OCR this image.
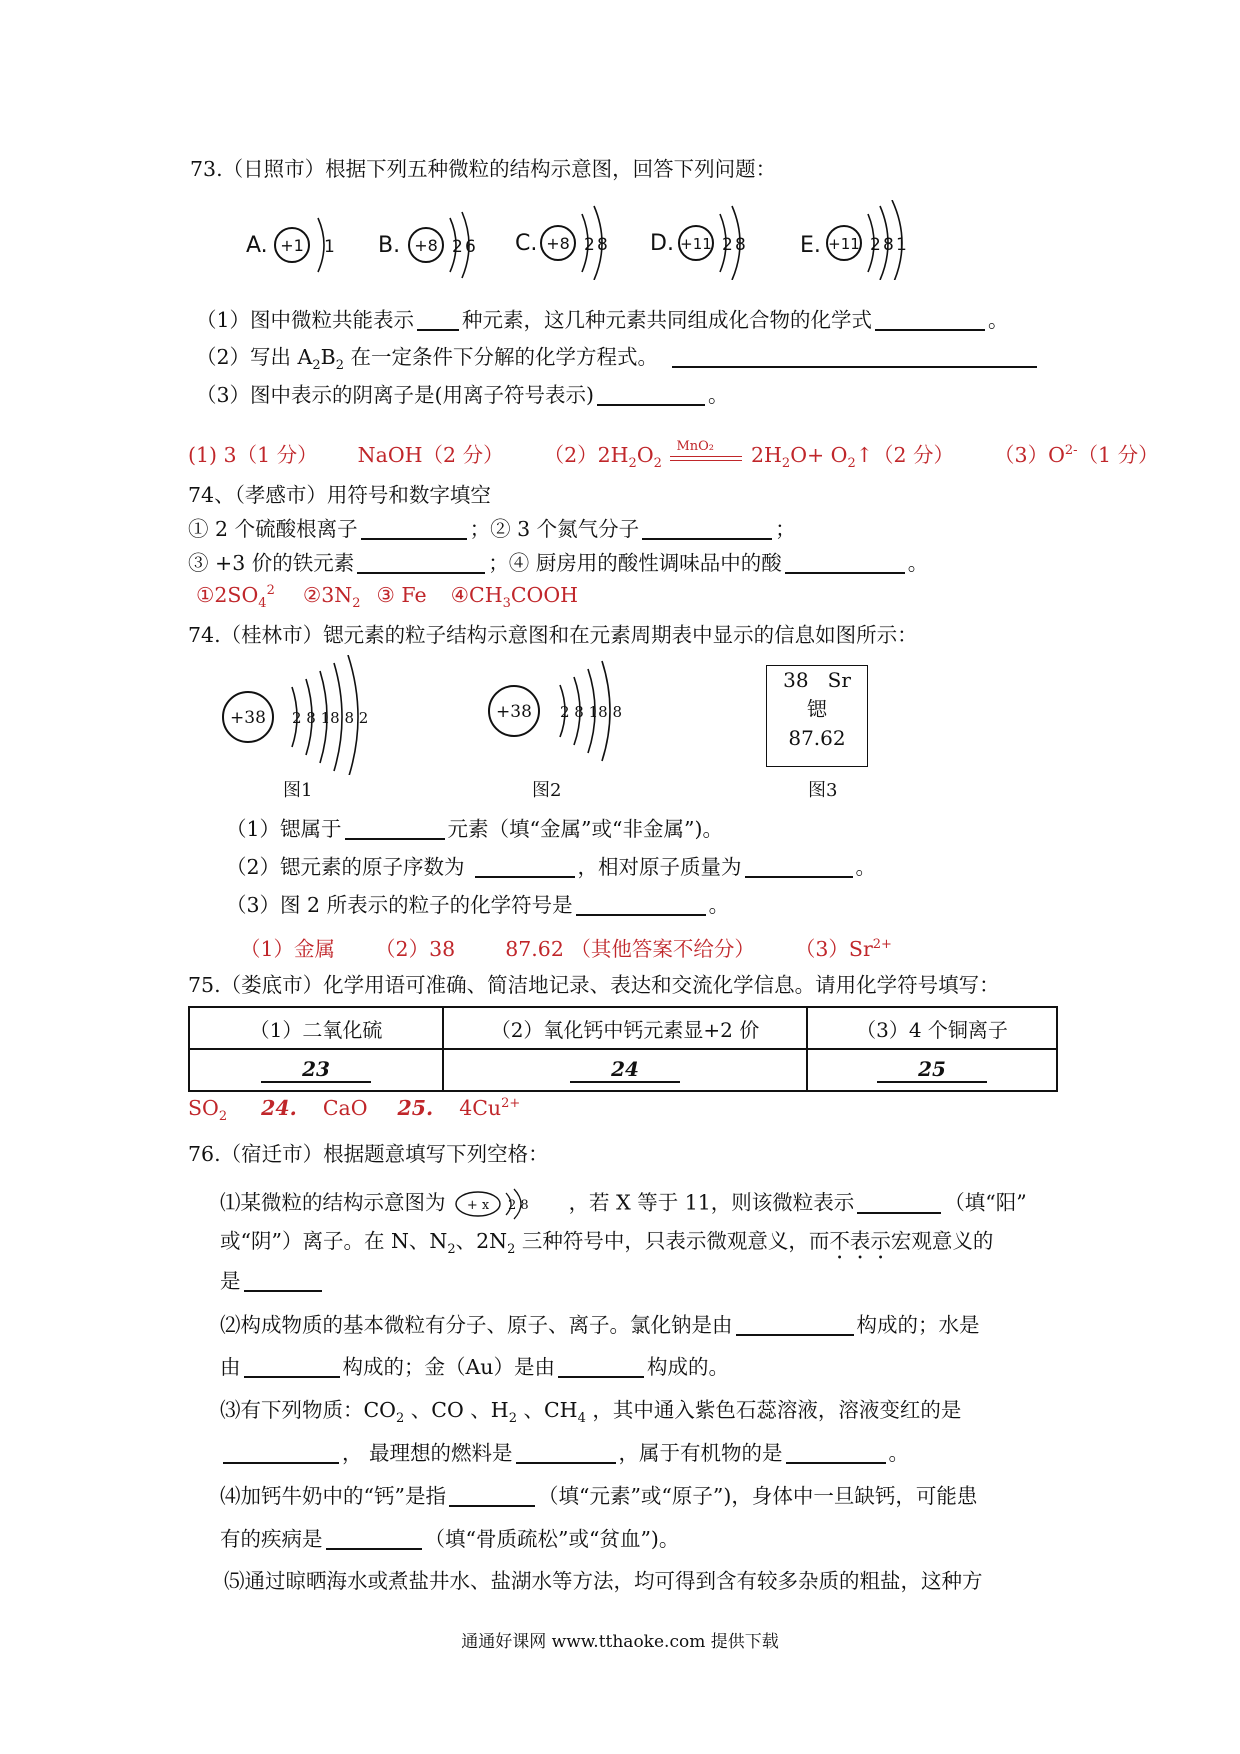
73.（日照市）根据下列五种微粒的结构示意图，回答下列问题：
A. +1 1 B. +8 2 6 C. +8 2 8 D. +11 2 8 E. +11 2 8 1
（1）图中微粒共能表示 种元素，这几种元素共同组成化合物的化学式	。
（2）写出 $A_2B_2$ 在一定条件下分解的化学方程式。
（3）图中表示的阴离子是(用离子符号表示)	。
(1) 3（1 分） NaOH（2 分） $(2)2H_2O_2$
MnO₂ $2H_2O+$ $O_2↑(2$ 分） $(3)O^{2-}(1$ 分）
74、（孝感市）用符号和数字填空
① 2 个硫酸根离子	；② 3 个氮气分子	；
③ +3 价的铁元素	；④ 厨房用的酸性调味品中的酸	。
$①2SO_4^2$ $②3N_2$ ③ Fe $④CH_3COOH$
74.（桂林市）锶元素的粒子结构示意图和在元素周期表中显示的信息如图所示：
+38 2 8 18 8 2
图1
+38 2 8 18 8
图2
38 Sr
锶
87.62
图3
（1）锶属于	元素（填“金属”或“非金属”)。
（2）锶元素的原子序数为	，相对原子质量为	。
（3）图 2 所表示的粒子的化学符号是	。
（1）金属 （2）38 87.62 （其他答案不给分） $(3)Sr^{2+}$
75.（娄底市）化学用语可准确、简洁地记录、表达和交流化学信息。请用化学符号填写：
（1）二氧化硫	（2）氧化钙中钙元素显+2 价	（3）4 个铜离子
23	24	25
$SO_2$ 24. CaO 25. $4Cu^{2+}$
76.（宿迁市）根据题意填写下列空格：
⑴某微粒的结构示意图为 + x 2 8 ，若 X 等于 11，则该微粒表示	（填“阳”
或“阴”）离子。在 N、$N_2$、$2N_2$ 三种符号中，只表示微观意义，而不表示宏观意义的
是
⑵构成物质的基本微粒有分子、原子、离子。氯化钠是由	构成的；水是
由	构成的；金（Au）是由	构成的。
⑶有下列物质：$CO_2$ 、CO 、$H_2$ 、$CH_4$ ，其中通入紫色石蕊溶液，溶液变红的是
， 最理想的燃料是	，属于有机物的是	。
⑷加钙牛奶中的“钙”是指	（填“元素”或“原子”)，身体中一旦缺钙，可能患
有的疾病是	（填“骨质疏松”或“贫血”)。
⑸通过晾晒海水或煮盐井水、盐湖水等方法，均可得到含有较多杂质的粗盐，这种方
通通好课网 www.tthaoke.com 提供下载
